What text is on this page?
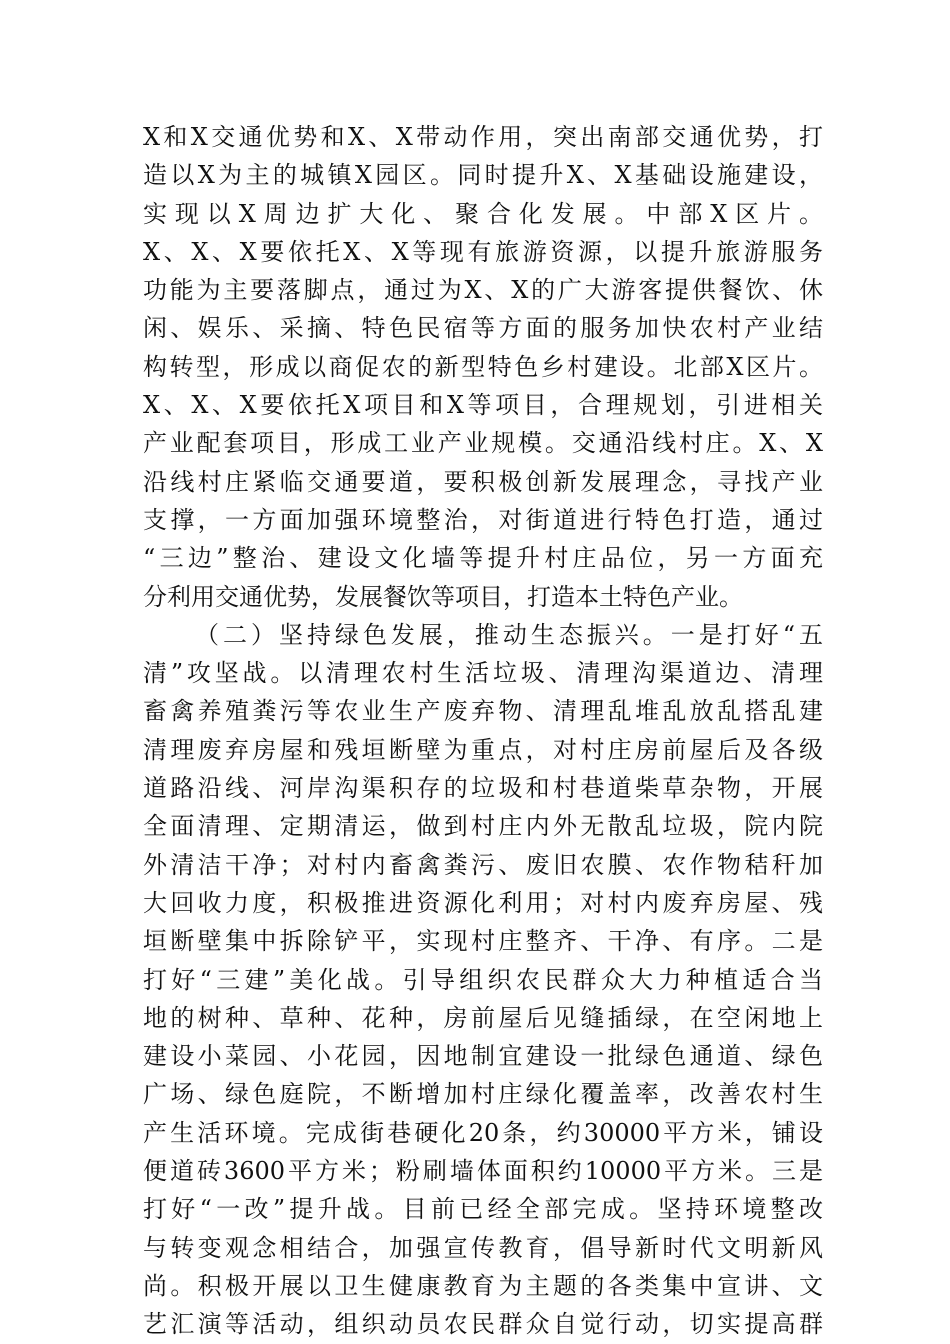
X和X交通优势和X、X带动作用，突出南部交通优势，打
造以X为主的城镇X园区。同时提升X、X基础设施建设，
实现以X周边扩大化、聚合化发展。中部X区片。
X、X、X要依托X、X等现有旅游资源，以提升旅游服务
功能为主要落脚点，通过为X、X的广大游客提供餐饮、休
闲、娱乐、采摘、特色民宿等方面的服务加快农村产业结
构转型，形成以商促农的新型特色乡村建设。北部X区片。
X、X、X要依托X项目和X等项目，合理规划，引进相关
产业配套项目，形成工业产业规模。交通沿线村庄。X、X
沿线村庄紧临交通要道，要积极创新发展理念，寻找产业
支撑，一方面加强环境整治，对街道进行特色打造，通过
“三边”整治、建设文化墙等提升村庄品位，另一方面充
分利用交通优势，发展餐饮等项目，打造本土特色产业。
（二）坚持绿色发展，推动生态振兴。一是打好“五
清”攻坚战。以清理农村生活垃圾、清理沟渠道边、清理
畜禽养殖粪污等农业生产废弃物、清理乱堆乱放乱搭乱建
清理废弃房屋和残垣断壁为重点，对村庄房前屋后及各级
道路沿线、河岸沟渠积存的垃圾和村巷道柴草杂物，开展
全面清理、定期清运，做到村庄内外无散乱垃圾，院内院
外清洁干净；对村内畜禽粪污、废旧农膜、农作物秸秆加
大回收力度，积极推进资源化利用；对村内废弃房屋、残
垣断壁集中拆除铲平，实现村庄整齐、干净、有序。二是
打好“三建”美化战。引导组织农民群众大力种植适合当
地的树种、草种、花种，房前屋后见缝插绿，在空闲地上
建设小菜园、小花园，因地制宜建设一批绿色通道、绿色
广场、绿色庭院，不断增加村庄绿化覆盖率，改善农村生
产生活环境。完成街巷硬化20条，约30000平方米，铺设
便道砖3600平方米；粉刷墙体面积约10000平方米。三是
打好“一改”提升战。目前已经全部完成。坚持环境整改
与转变观念相结合，加强宣传教育，倡导新时代文明新风
尚。积极开展以卫生健康教育为主题的各类集中宣讲、文
艺汇演等活动，组织动员农民群众自觉行动，切实提高群
